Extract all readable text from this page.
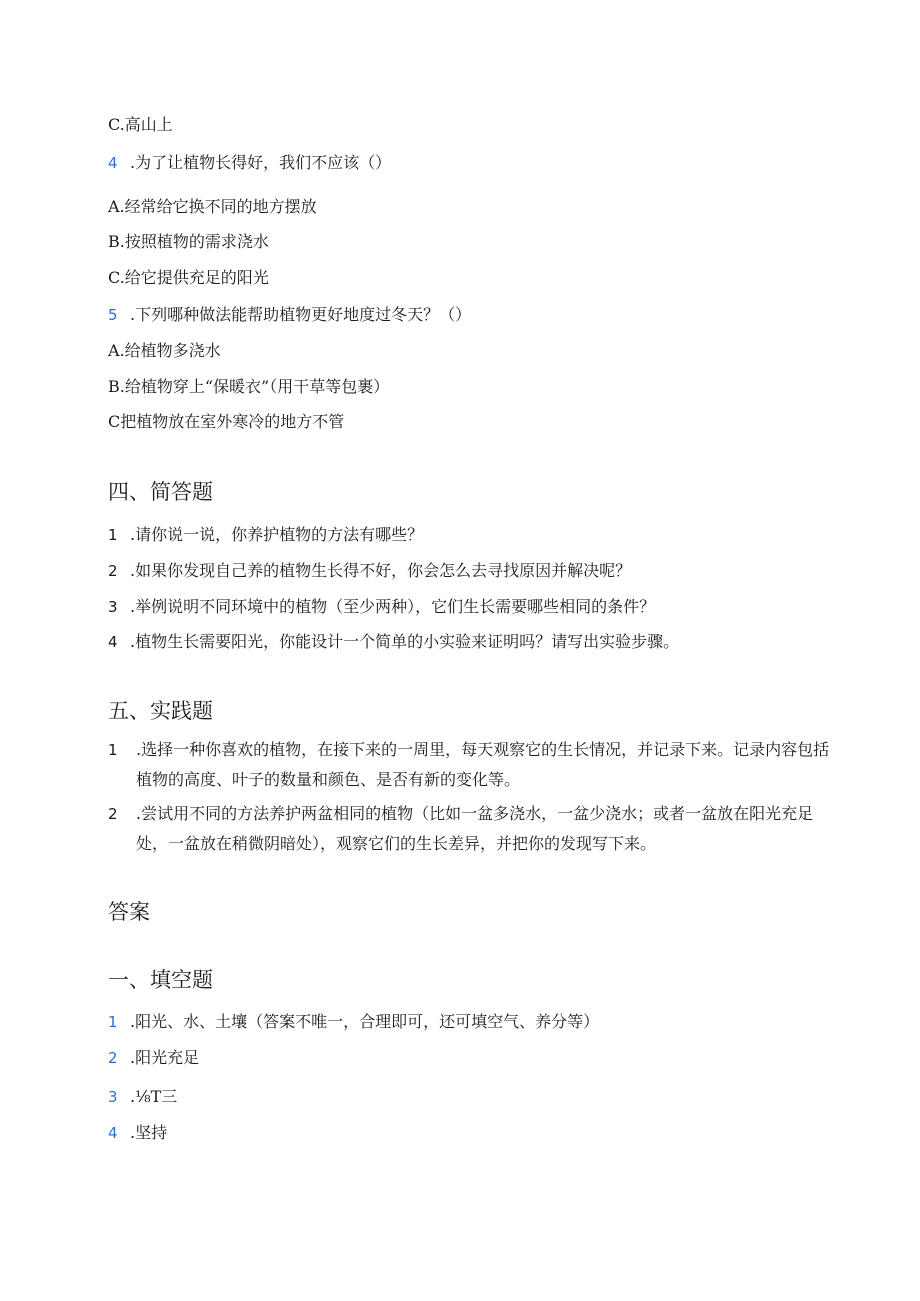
C.高山上
4 .为了让植物长得好，我们不应该（）
A.经常给它换不同的地方摆放
B.按照植物的需求浇水
C.给它提供充足的阳光
5 .下列哪种做法能帮助植物更好地度过冬天？（）
A.给植物多浇水
B.给植物穿上“保暖衣”（用干草等包裹）
C把植物放在室外寒冷的地方不管
四、简答题
1 .请你说一说，你养护植物的方法有哪些？
2 .如果你发现自己养的植物生长得不好，你会怎么去寻找原因并解决呢？
3 .举例说明不同环境中的植物（至少两种），它们生长需要哪些相同的条件？
4 .植物生长需要阳光，你能设计一个简单的小实验来证明吗？请写出实验步骤。
五、实践题
1 .选择一种你喜欢的植物，在接下来的一周里，每天观察它的生长情况，并记录下来。记录内容包括植物的高度、叶子的数量和颜色、是否有新的变化等。
2 .尝试用不同的方法养护两盆相同的植物（比如一盆多浇水，一盆少浇水；或者一盆放在阳光充足处，一盆放在稍微阴暗处），观察它们的生长差异，并把你的发现写下来。
答案
一、填空题
1 .阳光、水、土壤（答案不唯一，合理即可，还可填空气、养分等）
2 .阳光充足
3 .⅛T三
4 .坚持
